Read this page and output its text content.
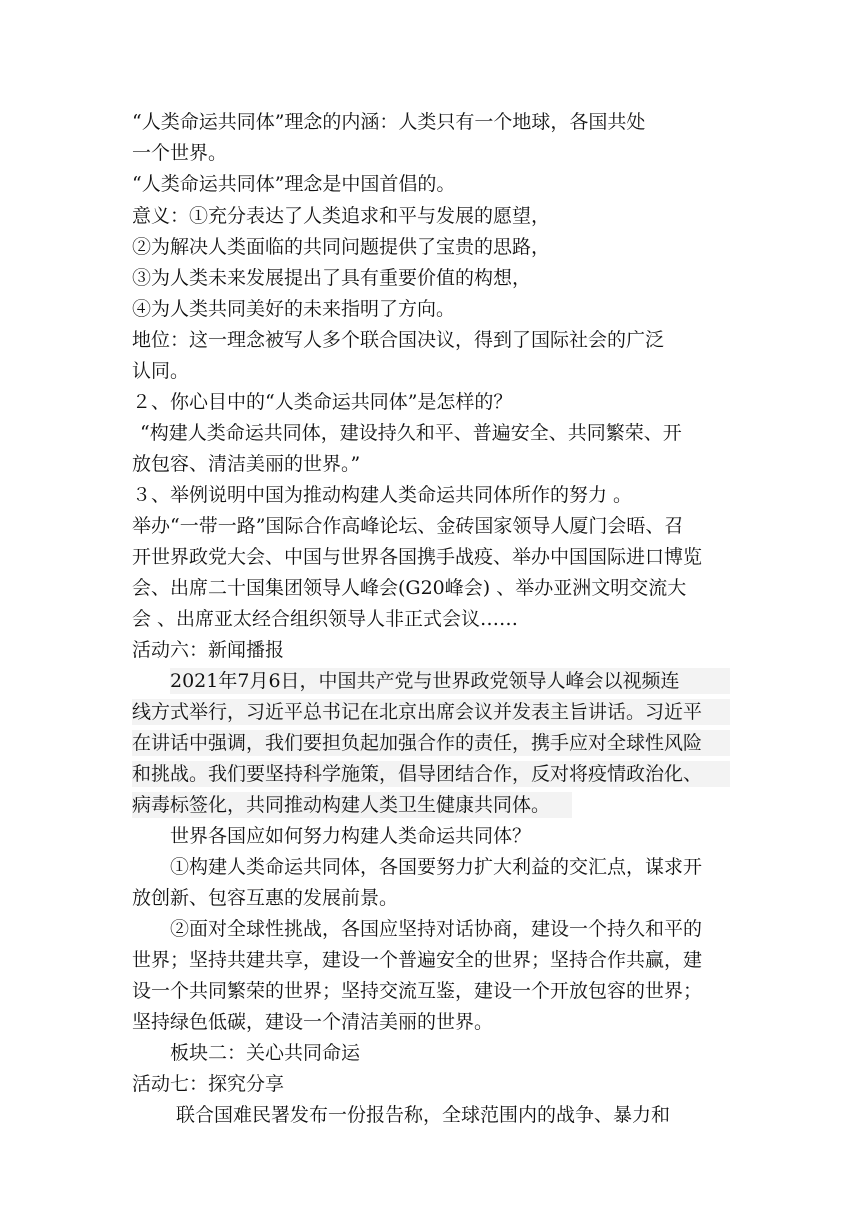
“人类命运共同体”理念的内涵：人类只有一个地球，各国共处
一个世界。
“人类命运共同体”理念是中国首倡的。
意义：①充分表达了人类追求和平与发展的愿望，
②为解决人类面临的共同问题提供了宝贵的思路，
③为人类未来发展提出了具有重要价值的构想，
④为人类共同美好的未来指明了方向。
地位：这一理念被写人多个联合国决议，得到了国际社会的广泛
认同。
２、你心目中的“人类命运共同体”是怎样的？
“构建人类命运共同体，建设持久和平、普遍安全、共同繁荣、开
放包容、清洁美丽的世界。”
３、举例说明中国为推动构建人类命运共同体所作的努力 。
举办“一带一路”国际合作高峰论坛、金砖国家领导人厦门会晤、召
开世界政党大会、中国与世界各国携手战疫、举办中国国际进口博览
会、出席二十国集团领导人峰会(G20峰会) 、举办亚洲文明交流大
会 、出席亚太经合组织领导人非正式会议……
活动六：新闻播报
2021年7月6日，中国共产党与世界政党领导人峰会以视频连
线方式举行，习近平总书记在北京出席会议并发表主旨讲话。习近平
在讲话中强调，我们要担负起加强合作的责任，携手应对全球性风险
和挑战。我们要坚持科学施策，倡导团结合作，反对将疫情政治化、
病毒标签化，共同推动构建人类卫生健康共同体。
世界各国应如何努力构建人类命运共同体？
①构建人类命运共同体，各国要努力扩大利益的交汇点，谋求开
放创新、包容互惠的发展前景。
②面对全球性挑战，各国应坚持对话协商，建设一个持久和平的
世界；坚持共建共享，建设一个普遍安全的世界；坚持合作共赢，建
设一个共同繁荣的世界；坚持交流互鉴，建设一个开放包容的世界；
坚持绿色低碳，建设一个清洁美丽的世界。
板块二：关心共同命运
活动七：探究分享
联合国难民署发布一份报告称，全球范围内的战争、暴力和
